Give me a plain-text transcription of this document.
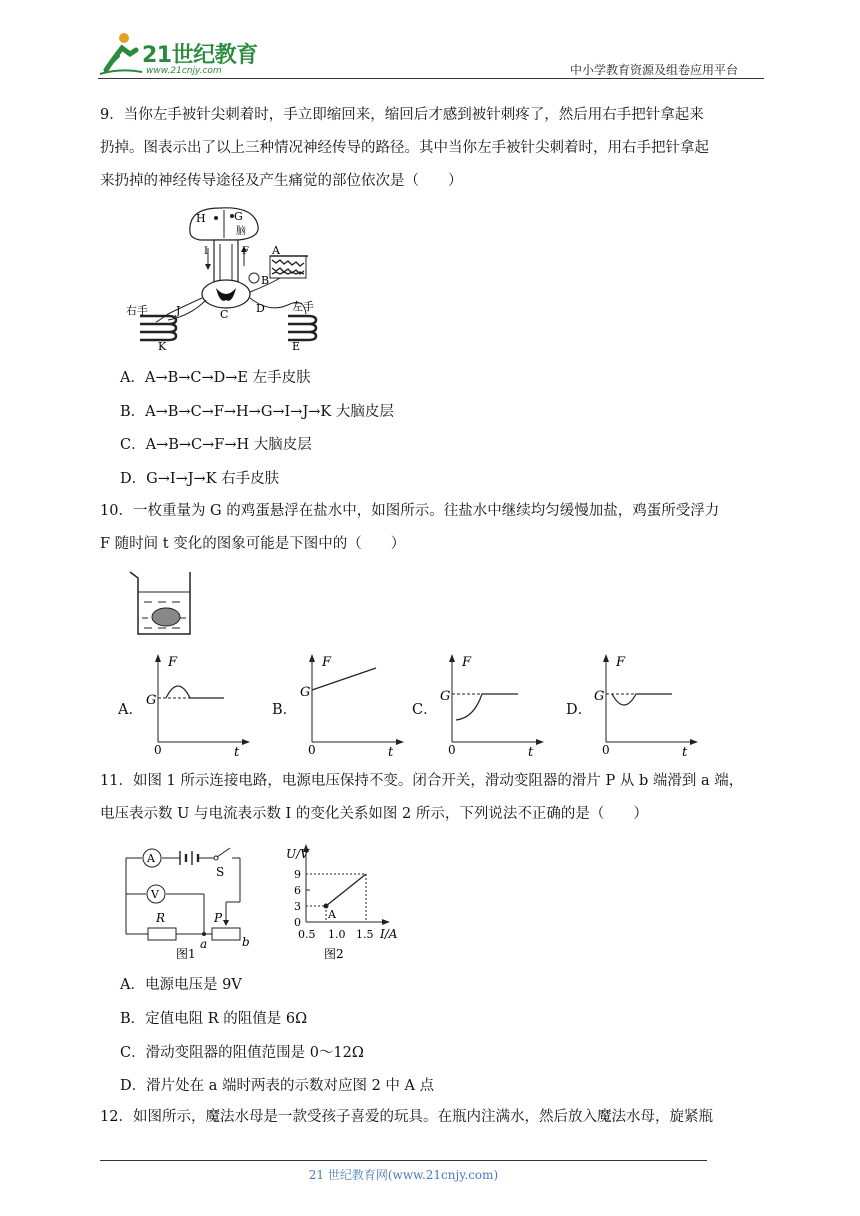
21世纪教育
www.21cnjy.com	中小学教育资源及组卷应用平台
9．当你左手被针尖刺着时，手立即缩回来，缩回后才感到被针刺疼了，然后用右手把针拿起来
扔掉。图表示出了以上三种情况神经传导的路径。其中当你左手被针尖刺着时，用右手把针拿起
来扔掉的神经传导途径及产生痛觉的部位依次是（　　）
H	G
脑
I	F A
B
C	D
J
K	E
右手	左手
A．A→B→C→D→E 左手皮肤
B．A→B→C→F→H→G→I→J→K 大脑皮层
C．A→B→C→F→H 大脑皮层
D．G→I→J→K 右手皮肤
10．一枚重量为 G 的鸡蛋悬浮在盐水中，如图所示。往盐水中继续均匀缓慢加盐，鸡蛋所受浮力
F 随时间 t 变化的图象可能是下图中的（　　）
A．
F
G
0	t
B．
F
G
0	t
C．
F
G
0	t
D．
F
G
0	t
11．如图 1 所示连接电路，电源电压保持不变。闭合开关，滑动变阻器的滑片 P 从 b 端滑到 a 端，
电压表示数 U 与电流表示数 I 的变化关系如图 2 所示，下列说法不正确的是（　　）
A
V
S
R	P
a	b
图1
U/V
9
6
3
0
A
0.5 1.0 1.5 I/A
图2
A．电源电压是 9V
B．定值电阻 R 的阻值是 6Ω
C．滑动变阻器的阻值范围是 0～12Ω
D．滑片处在 a 端时两表的示数对应图 2 中 A 点
12．如图所示，魔法水母是一款受孩子喜爱的玩具。在瓶内注满水，然后放入魔法水母，旋紧瓶
21 世纪教育网(www.21cnjy.com)
